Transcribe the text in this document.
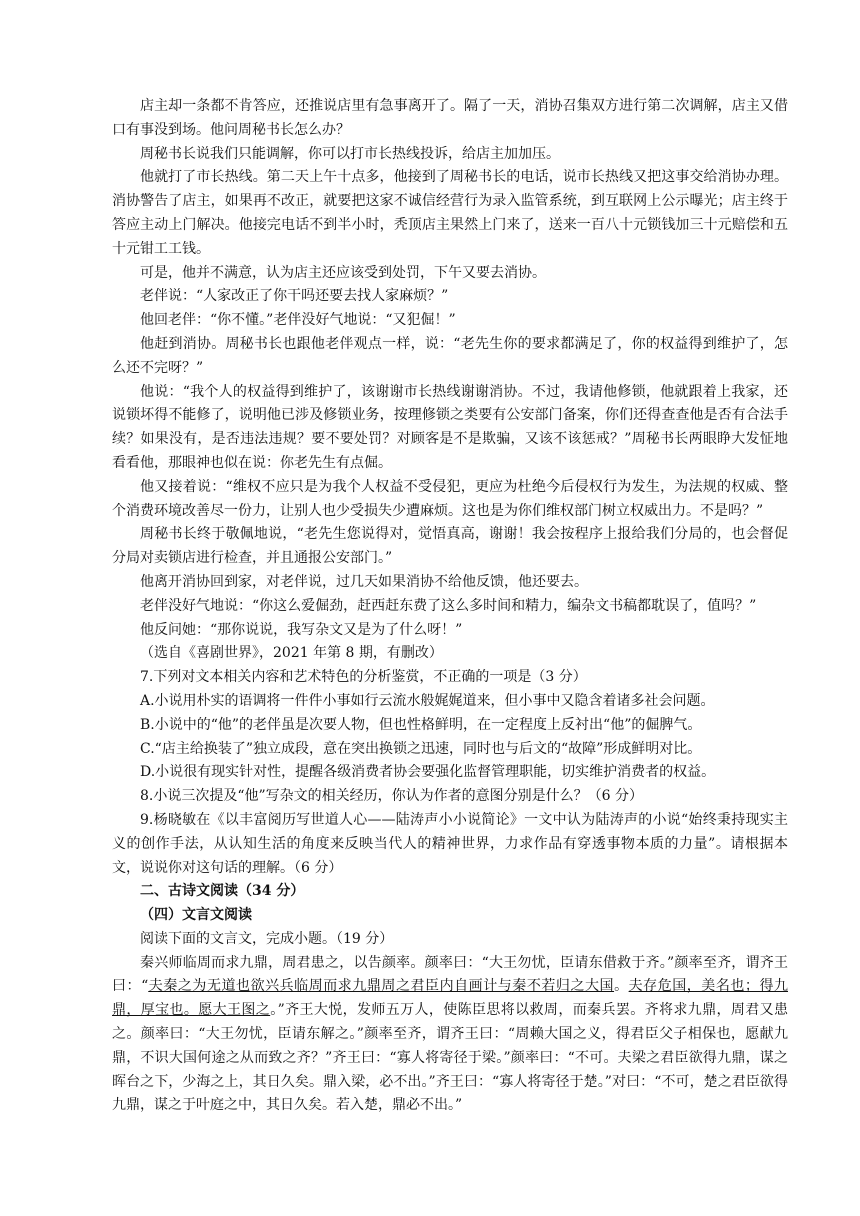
店主却一条都不肯答应，还推说店里有急事离开了。隔了一天，消协召集双方进行第二次调解，店主又借口有事没到场。他问周秘书长怎么办？

周秘书长说我们只能调解，你可以打市长热线投诉，给店主加加压。

他就打了市长热线。第二天上午十点多，他接到了周秘书长的电话，说市长热线又把这事交给消协办理。消协警告了店主，如果再不改正，就要把这家不诚信经营行为录入监管系统，到互联网上公示曝光；店主终于答应主动上门解决。他接完电话不到半小时，秃顶店主果然上门来了，送来一百八十元锁钱加三十元赔偿和五十元钳工工钱。

可是，他并不满意，认为店主还应该受到处罚，下午又要去消协。

老伴说：“人家改正了你干吗还要去找人家麻烦？”

他回老伴：“你不懂。”老伴没好气地说：“又犯倔！”

他赶到消协。周秘书长也跟他老伴观点一样，说：“老先生你的要求都满足了，你的权益得到维护了，怎么还不完呀？”

他说：“我个人的权益得到维护了，该谢谢市长热线谢谢消协。不过，我请他修锁，他就跟着上我家，还说锁坏得不能修了，说明他已涉及修锁业务，按理修锁之类要有公安部门备案，你们还得查查他是否有合法手续？如果没有，是否违法违规？要不要处罚？对顾客是不是欺骗，又该不该惩戒？”周秘书长两眼睁大发怔地看看他，那眼神也似在说：你老先生有点倔。

他又接着说：“维权不应只是为我个人权益不受侵犯，更应为杜绝今后侵权行为发生，为法规的权威、整个消费环境改善尽一份力，让别人也少受损失少遭麻烦。这也是为你们维权部门树立权威出力。不是吗？”

周秘书长终于敬佩地说，“老先生您说得对，觉悟真高，谢谢！我会按程序上报给我们分局的，也会督促分局对卖锁店进行检查，并且通报公安部门。”

他离开消协回到家，对老伴说，过几天如果消协不给他反馈，他还要去。

老伴没好气地说：“你这么爱倔劲，赶西赶东费了这么多时间和精力，编杂文书稿都耽误了，值吗？”

他反问她：“那你说说，我写杂文又是为了什么呀！”

（选自《喜剧世界》，2021 年第 8 期，有删改）

7.下列对文本相关内容和艺术特色的分析鉴赏，不正确的一项是（3 分）

A.小说用朴实的语调将一件件小事如行云流水般娓娓道来，但小事中又隐含着诸多社会问题。

B.小说中的“他”的老伴虽是次要人物，但也性格鲜明，在一定程度上反衬出“他”的倔脾气。

C.“店主给换装了”独立成段，意在突出换锁之迅速，同时也与后文的“故障”形成鲜明对比。

D.小说很有现实针对性，提醒各级消费者协会要强化监督管理职能，切实维护消费者的权益。

8.小说三次提及“他”写杂文的相关经历，你认为作者的意图分别是什么？（6 分）

9.杨晓敏在《以丰富阅历写世道人心——陆涛声小小说简论》一文中认为陆涛声的小说“始终秉持现实主义的创作手法，从认知生活的角度来反映当代人的精神世界，力求作品有穿透事物本质的力量”。请根据本文，说说你对这句话的理解。（6 分）

二、古诗文阅读（34 分）

（四）文言文阅读

阅读下面的文言文，完成小题。（19 分）

秦兴师临周而求九鼎，周君患之，以告颜率。颜率曰：“大王勿忧，臣请东借救于齐。”颜率至齐，谓齐王曰：“夫秦之为无道也欲兴兵临周而求九鼎周之君臣内自画计与秦不若归之大国。夫存危国，美名也；得九鼎，厚宝也。愿大王图之。”齐王大悦，发师五万人，使陈臣思将以救周，而秦兵罢。齐将求九鼎，周君又患之。颜率曰：“大王勿忧，臣请东解之。”颜率至齐，谓齐王曰：“周赖大国之义，得君臣父子相保也，愿献九鼎，不识大国何途之从而致之齐？”齐王曰：“寡人将寄径于梁。”颜率曰：“不可。夫梁之君臣欲得九鼎，谋之晖台之下，少海之上，其日久矣。鼎入梁，必不出。”齐王曰：“寡人将寄径于楚。”对曰：“不可，楚之君臣欲得九鼎，谋之于叶庭之中，其日久矣。若入楚，鼎必不出。”
